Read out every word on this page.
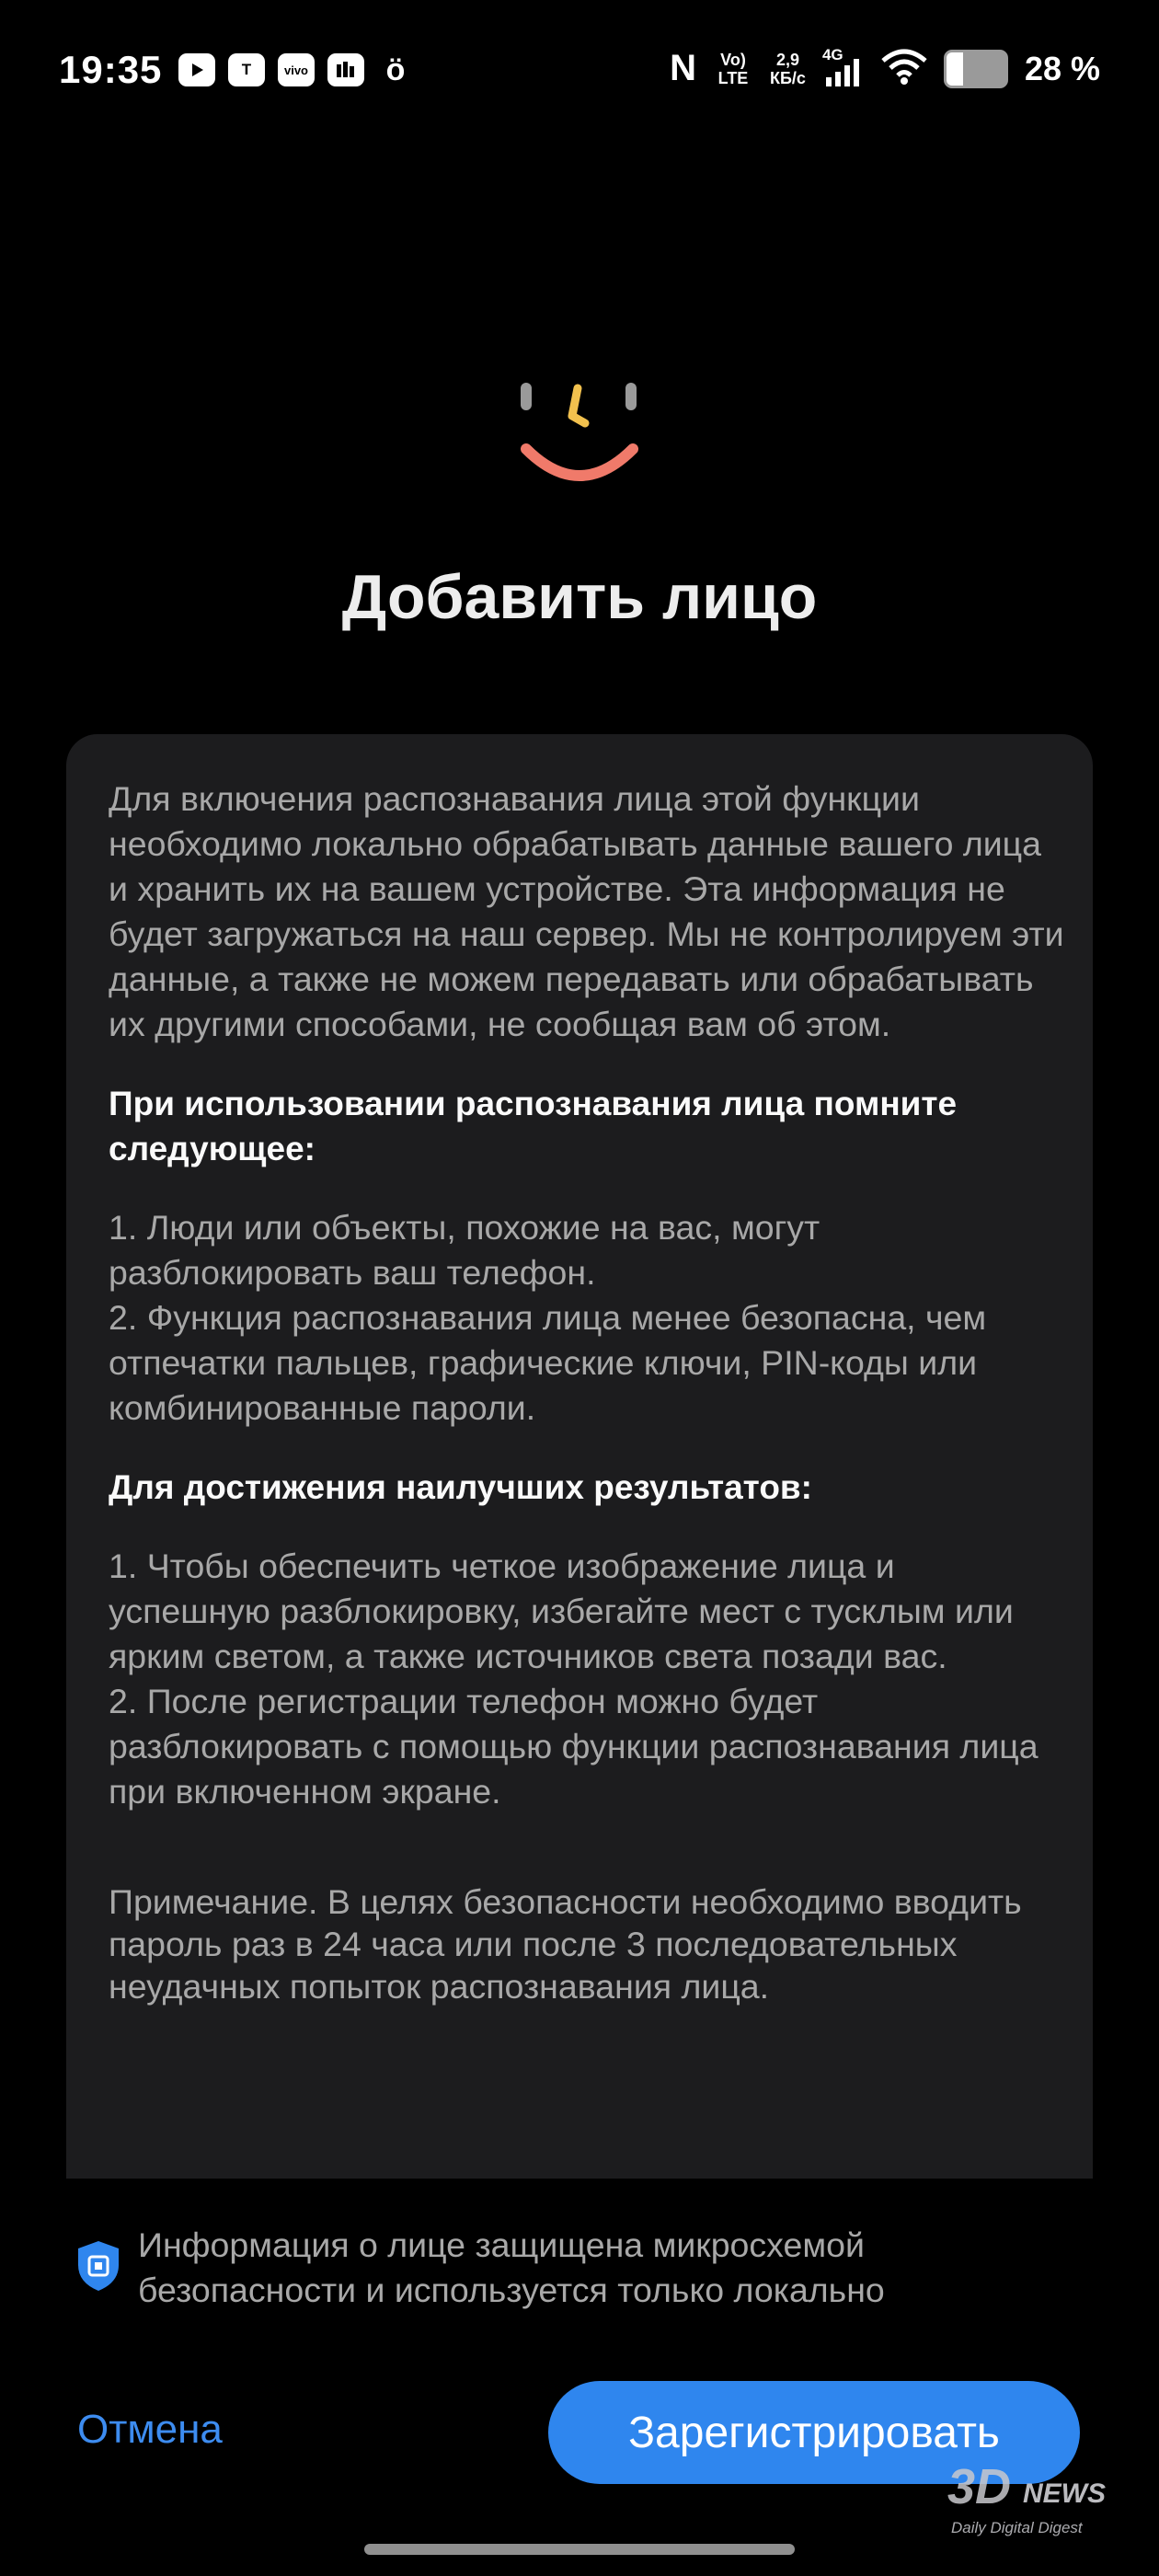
19:35	T	vivo ö	N	Vo) LTE
2,9
КБ/с
4G	28 %
Добавить лицо

Для включения распознавания лица этой функции необходимо локально обрабатывать данные вашего лица и хранить их на вашем устройстве. Эта информация не будет загружаться на наш сервер. Мы не контролируем эти данные, а также не можем передавать или обрабатывать их другими способами, не сообщая вам об этом.

При использовании распознавания лица помните следующее:

1. Люди или объекты, похожие на вас, могут разблокировать ваш телефон.

2. Функция распознавания лица менее безопасна, чем отпечатки пальцев, графические ключи, PIN-коды или комбинированные пароли.

Для достижения наилучших результатов:

1. Чтобы обеспечить четкое изображение лица и успешную разблокировку, избегайте мест с тусклым или ярким светом, а также источников света позади вас.

2. После регистрации телефон можно будет разблокировать с помощью функции распознавания лица при включенном экране.

Примечание. В целях безопасности необходимо вводить пароль раз в 24 часа или после 3 последовательных неудачных попыток распознавания лица.

Информация о лице защищена микросхемой безопасности и используется только локально
Отмена	Зарегистрировать
3D NEWS
Daily Digital Digest
